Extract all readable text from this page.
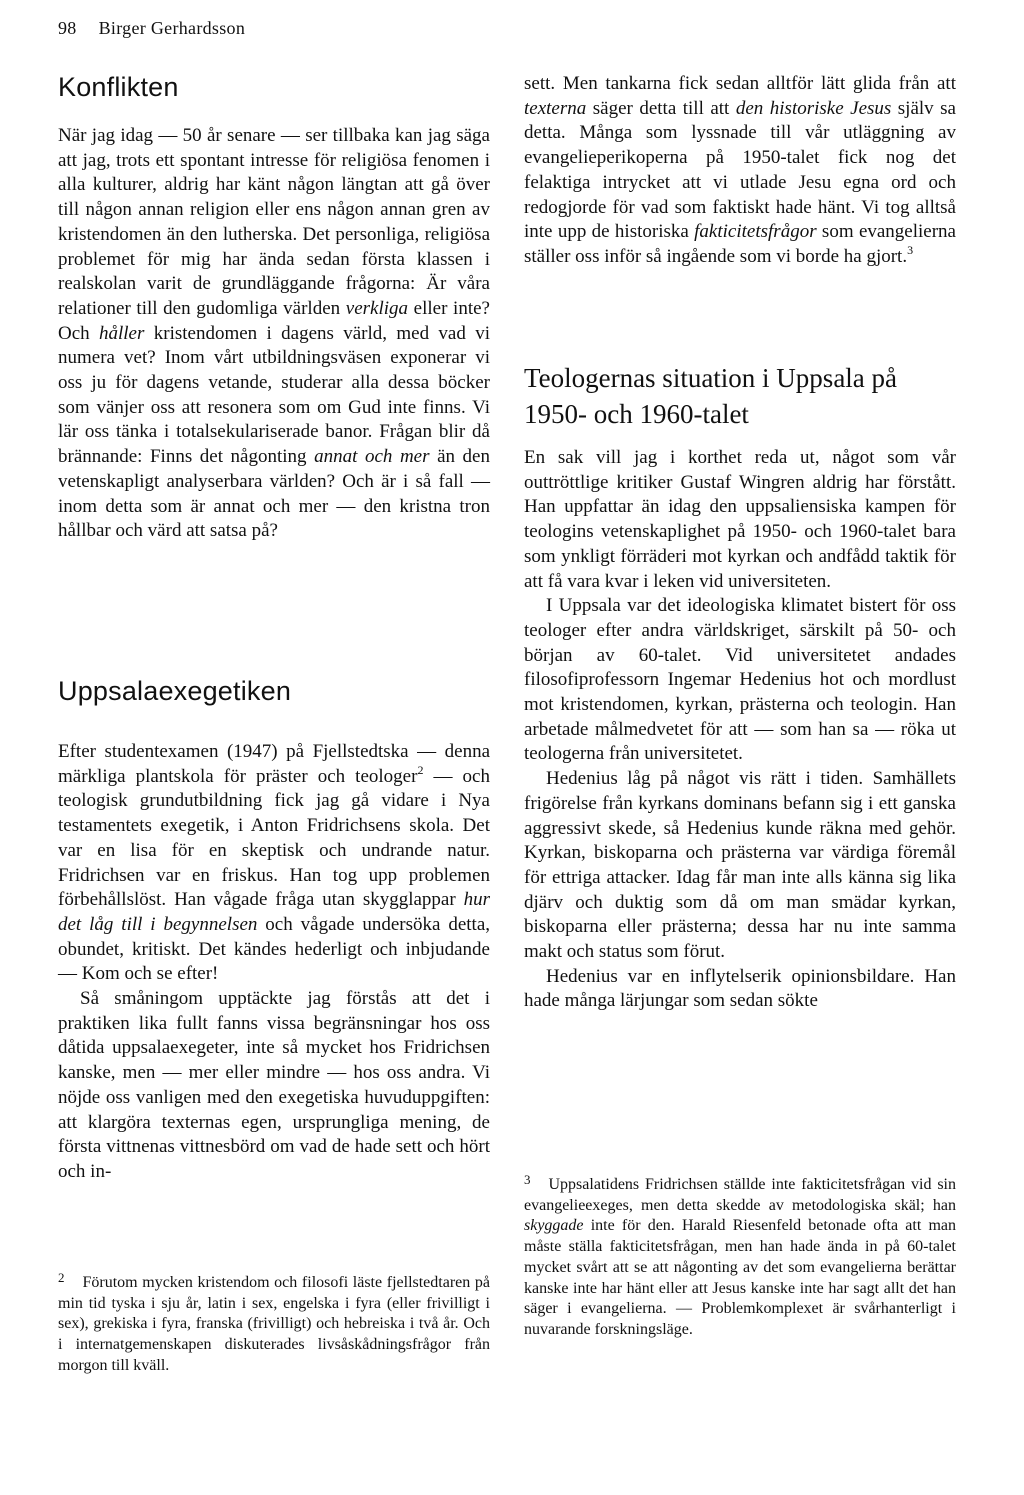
98 Birger Gerhardsson
Konflikten

När jag idag — 50 år senare — ser tillbaka kan jag säga att jag, trots ett spontant intresse för religiösa fenomen i alla kulturer, aldrig har känt någon längtan att gå över till någon annan religion eller ens någon annan gren av kristendomen än den lutherska. Det personliga, religiösa problemet för mig har ända sedan första klassen i realskolan varit de grundläggande frågorna: Är våra relationer till den gudomliga världen verkliga eller inte? Och håller kristendomen i dagens värld, med vad vi numera vet? Inom vårt utbildningsväsen exponerar vi oss ju för dagens vetande, studerar alla dessa böcker som vänjer oss att resonera som om Gud inte finns. Vi lär oss tänka i totalsekulariserade banor. Frågan blir då brännande: Finns det någonting annat och mer än den vetenskapligt analyserbara världen? Och är i så fall — inom detta som är annat och mer — den kristna tron hållbar och värd att satsa på?

Uppsalaexegetiken

Efter studentexamen (1947) på Fjellstedtska — denna märkliga plantskola för präster och teologer$^2$ — och teologisk grundutbildning fick jag gå vidare i Nya testamentets exegetik, i Anton Fridrichsens skola. Det var en lisa för en skeptisk och undrande natur. Fridrichsen var en friskus. Han tog upp problemen förbehållslöst. Han vågade fråga utan skygglappar hur det låg till i begynnelsen och vågade undersöka detta, obundet, kritiskt. Det kändes hederligt och inbjudande — Kom och se efter!

Så småningom upptäckte jag förstås att det i praktiken lika fullt fanns vissa begränsningar hos oss dåtida uppsalaexegeter, inte så mycket hos Fridrichsen kanske, men — mer eller mindre — hos oss andra. Vi nöjde oss vanligen med den exegetiska huvuduppgiften: att klargöra texternas egen, ursprungliga mening, de första vittnenas vittnesbörd om vad de hade sett och hört och in-

$^2$ Förutom mycken kristendom och filosofi läste fjellstedtaren på min tid tyska i sju år, latin i sex, engelska i fyra (eller frivilligt i sex), grekiska i fyra, franska (frivilligt) och hebreiska i två år. Och i internatgemenskapen diskuterades livsåskådningsfrågor från morgon till kväll.

sett. Men tankarna fick sedan alltför lätt glida från att texterna säger detta till att den historiske Jesus själv sa detta. Många som lyssnade till vår utläggning av evangelieperikoperna på 1950-talet fick nog det felaktiga intrycket att vi utlade Jesu egna ord och redogjorde för vad som faktiskt hade hänt. Vi tog alltså inte upp de historiska fakticitetsfrågor som evangelierna ställer oss inför så ingående som vi borde ha gjort.$^3$

Teologernas situation i Uppsala på 1950- och 1960-talet

En sak vill jag i korthet reda ut, något som vår outtröttlige kritiker Gustaf Wingren aldrig har förstått. Han uppfattar än idag den uppsaliensiska kampen för teologins vetenskaplighet på 1950- och 1960-talet bara som ynkligt förräderi mot kyrkan och andfådd taktik för att få vara kvar i leken vid universiteten.

I Uppsala var det ideologiska klimatet bistert för oss teologer efter andra världskriget, särskilt på 50- och början av 60-talet. Vid universitetet andades filosofiprofessorn Ingemar Hedenius hot och mordlust mot kristendomen, kyrkan, prästerna och teologin. Han arbetade målmedvetet för att — som han sa — röka ut teologerna från universitetet.

Hedenius låg på något vis rätt i tiden. Samhällets frigörelse från kyrkans dominans befann sig i ett ganska aggressivt skede, så Hedenius kunde räkna med gehör. Kyrkan, biskoparna och prästerna var värdiga föremål för ettriga attacker. Idag får man inte alls känna sig lika djärv och duktig som då om man smädar kyrkan, biskoparna eller prästerna; dessa har nu inte samma makt och status som förut.

Hedenius var en inflytelserik opinionsbildare. Han hade många lärjungar som sedan sökte

$^3$ Uppsalatidens Fridrichsen ställde inte fakticitetsfrågan vid sin evangelieexeges, men detta skedde av metodologiska skäl; han skyggade inte för den. Harald Riesenfeld betonade ofta att man måste ställa fakticitetsfrågan, men han hade ända in på 60-talet mycket svårt att se att någonting av det som evangelierna berättar kanske inte har hänt eller att Jesus kanske inte har sagt allt det han säger i evangelierna. — Problemkomplexet är svårhanterligt i nuvarande forskningsläge.
